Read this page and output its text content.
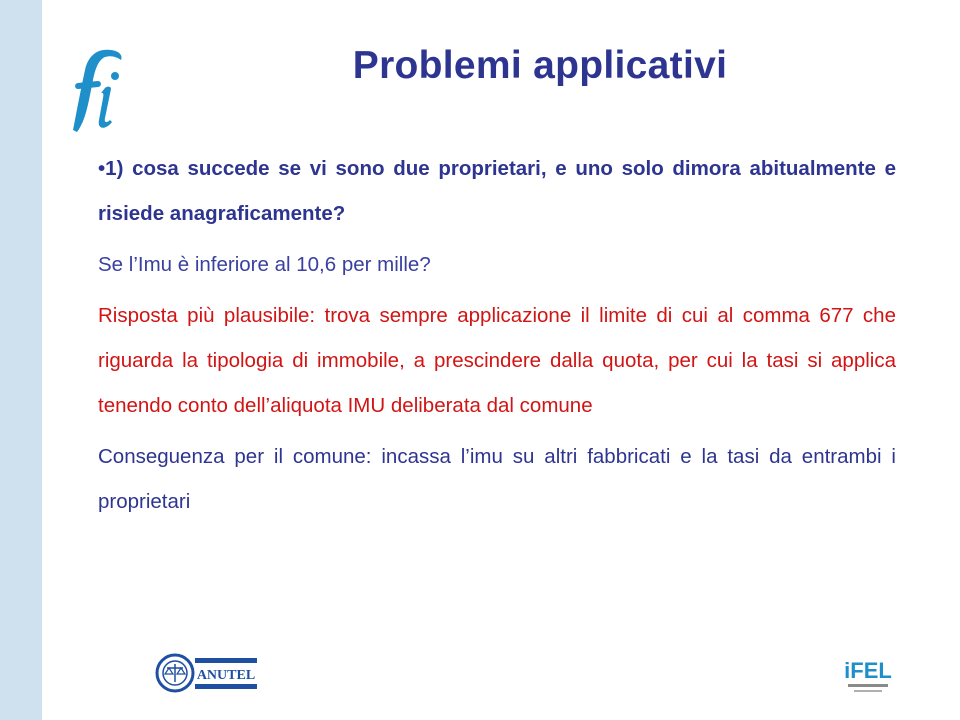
Problemi applicativi

•1) cosa succede se vi sono due proprietari, e uno solo dimora abitualmente e risiede anagraficamente?

Se l’Imu è inferiore al 10,6 per mille?

Risposta più plausibile: trova sempre applicazione il limite di cui al comma 677 che riguarda la tipologia di immobile, a prescindere dalla quota, per cui la tasi si applica tenendo conto dell’aliquota IMU deliberata dal comune

Conseguenza per il comune: incassa l’imu su altri fabbricati e la tasi da entrambi i proprietari

ANUTEL	iFEL
